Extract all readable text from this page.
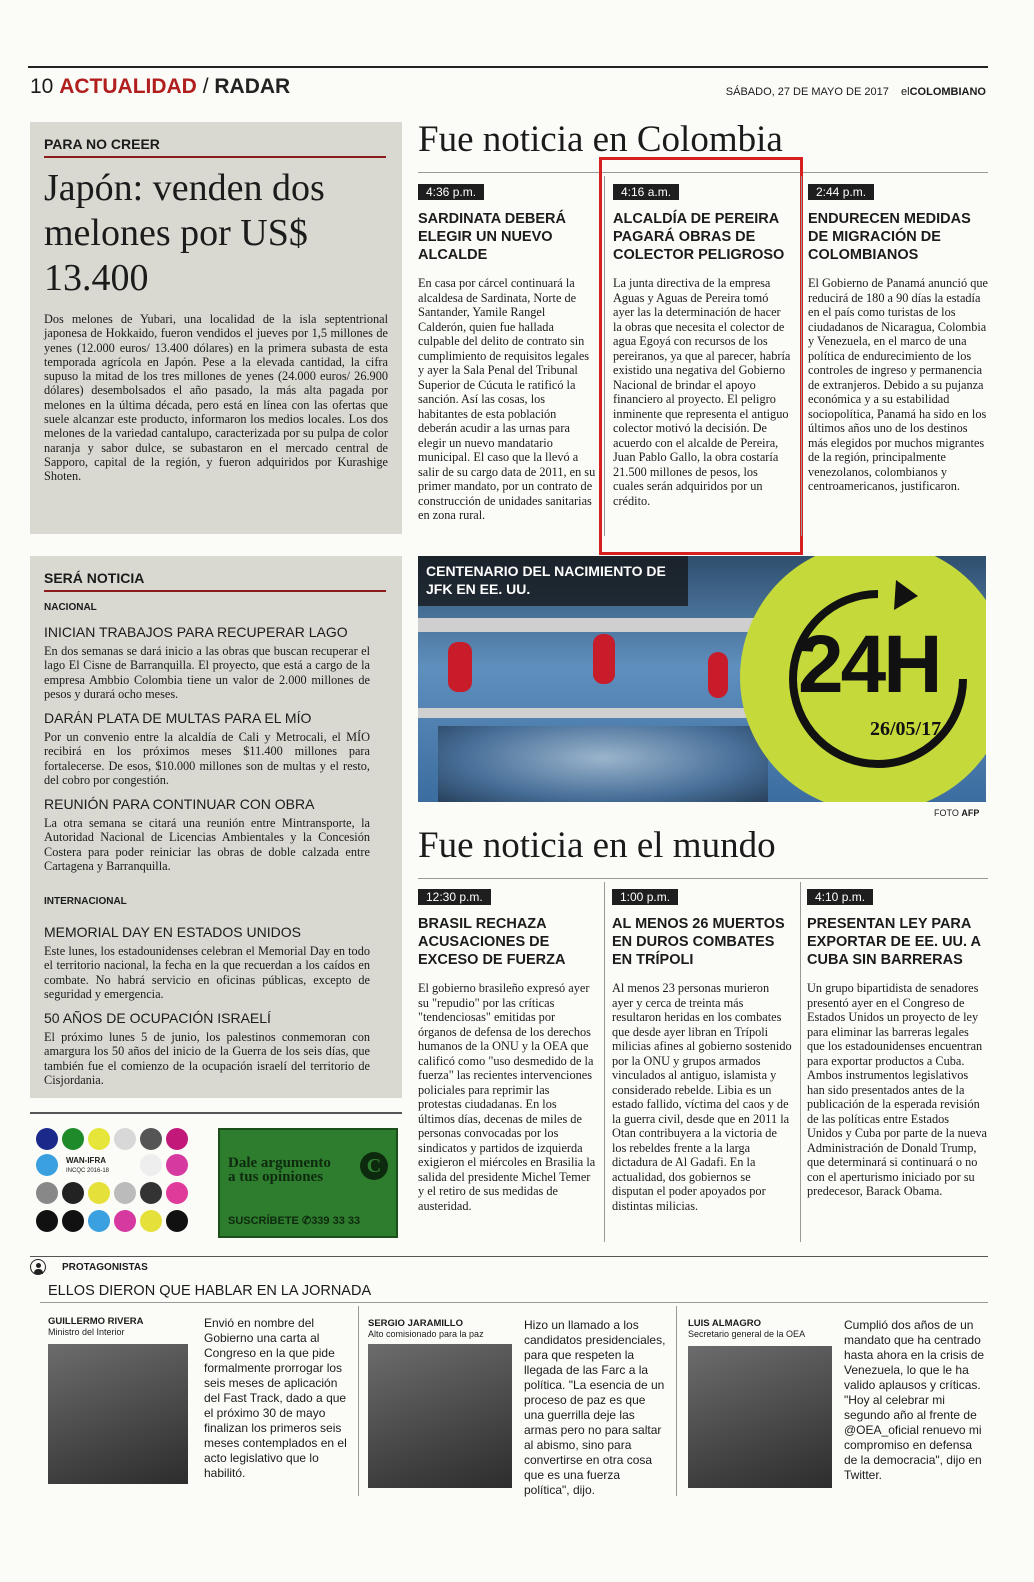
10 ACTUALIDAD / RADAR	SÁBADO, 27 DE MAYO DE 2017 elCOLOMBIANO
PARA NO CREER
Japón: venden dos melones por US$ 13.400
Dos melones de Yubari, una localidad de la isla septentrional japonesa de Hokkaido, fueron vendidos el jueves por 1,5 millones de yenes (12.000 euros/ 13.400 dólares) en la primera subasta de esta temporada agrícola en Japón. Pese a la elevada cantidad, la cifra supuso la mitad de los tres millones de yenes (24.000 euros/ 26.900 dólares) desembolsados el año pasado, la más alta pagada por melones en la última década, pero está en línea con las ofertas que suele alcanzar este producto, informaron los medios locales. Los dos melones de la variedad cantalupo, caracterizada por su pulpa de color naranja y sabor dulce, se subastaron en el mercado central de Sapporo, capital de la región, y fueron adquiridos por Kurashige Shoten.
SERÁ NOTICIA
NACIONAL
INICIAN TRABAJOS PARA RECUPERAR LAGO
En dos semanas se dará inicio a las obras que buscan recuperar el lago El Cisne de Barranquilla. El proyecto, que está a cargo de la empresa Ambbio Colombia tiene un valor de 2.000 millones de pesos y durará ocho meses.
DARÁN PLATA DE MULTAS PARA EL MÍO
Por un convenio entre la alcaldía de Cali y Metrocali, el MÍO recibirá en los próximos meses $11.400 millones para fortalecerse. De esos, $10.000 millones son de multas y el resto, del cobro por congestión.
REUNIÓN PARA CONTINUAR CON OBRA
La otra semana se citará una reunión entre Mintransporte, la Autoridad Nacional de Licencias Ambientales y la Concesión Costera para poder reiniciar las obras de doble calzada entre Cartagena y Barranquilla.
INTERNACIONAL
MEMORIAL DAY EN ESTADOS UNIDOS
Este lunes, los estadounidenses celebran el Memorial Day en todo el territorio nacional, la fecha en la que recuerdan a los caídos en combate. No habrá servicio en oficinas públicas, excepto de seguridad y emergencia.
50 AÑOS DE OCUPACIÓN ISRAELÍ
El próximo lunes 5 de junio, los palestinos conmemoran con amargura los 50 años del inicio de la Guerra de los seis días, que también fue el comienzo de la ocupación israelí del territorio de Cisjordania.
Fue noticia en Colombia
4:36 p.m.
SARDINATA DEBERÁ ELEGIR UN NUEVO ALCALDE
En casa por cárcel continuará la alcaldesa de Sardinata, Norte de Santander, Yamile Rangel Calderón, quien fue hallada culpable del delito de contrato sin cumplimiento de requisitos legales y ayer la Sala Penal del Tribunal Superior de Cúcuta le ratificó la sanción. Así las cosas, los habitantes de esta población deberán acudir a las urnas para elegir un nuevo mandatario municipal. El caso que la llevó a salir de su cargo data de 2011, en su primer mandato, por un contrato de construcción de unidades sanitarias en zona rural.
4:16 a.m.
ALCALDÍA DE PEREIRA PAGARÁ OBRAS DE COLECTOR PELIGROSO
La junta directiva de la empresa Aguas y Aguas de Pereira tomó ayer las la determinación de hacer la obras que necesita el colector de agua Egoyá con recursos de los pereiranos, ya que al parecer, habría existido una negativa del Gobierno Nacional de brindar el apoyo financiero al proyecto. El peligro inminente que representa el antiguo colector motivó la decisión. De acuerdo con el alcalde de Pereira, Juan Pablo Gallo, la obra costaría 21.500 millones de pesos, los cuales serán adquiridos por un crédito.
2:44 p.m.
ENDURECEN MEDIDAS DE MIGRACIÓN DE COLOMBIANOS
El Gobierno de Panamá anunció que reducirá de 180 a 90 días la estadía en el país como turistas de los ciudadanos de Nicaragua, Colombia y Venezuela, en el marco de una política de endurecimiento de los controles de ingreso y permanencia de extranjeros. Debido a su pujanza económica y a su estabilidad sociopolítica, Panamá ha sido en los últimos años uno de los destinos más elegidos por muchos migrantes de la región, principalmente venezolanos, colombianos y centroamericanos, justificaron.
CENTENARIO DEL NACIMIENTO DE JFK EN EE. UU.
24H
26/05/17
FOTO AFP
Fue noticia en el mundo
12:30 p.m.
BRASIL RECHAZA ACUSACIONES DE EXCESO DE FUERZA
El gobierno brasileño expresó ayer su "repudio" por las críticas "tendenciosas" emitidas por órganos de defensa de los derechos humanos de la ONU y la OEA que calificó como "uso desmedido de la fuerza" las recientes intervenciones policiales para reprimir las protestas ciudadanas. En los últimos días, decenas de miles de personas convocadas por los sindicatos y partidos de izquierda exigieron el miércoles en Brasilia la salida del presidente Michel Temer y el retiro de sus medidas de austeridad.
1:00 p.m.
AL MENOS 26 MUERTOS EN DUROS COMBATES EN TRÍPOLI
Al menos 23 personas murieron ayer y cerca de treinta más resultaron heridas en los combates que desde ayer libran en Trípoli milicias afines al gobierno sostenido por la ONU y grupos armados vinculados al antiguo, islamista y considerado rebelde. Libia es un estado fallido, víctima del caos y de la guerra civil, desde que en 2011 la Otan contribuyera a la victoria de los rebeldes frente a la larga dictadura de Al Gadafi. En la actualidad, dos gobiernos se disputan el poder apoyados por distintas milicias.
4:10 p.m.
PRESENTAN LEY PARA EXPORTAR DE EE. UU. A CUBA SIN BARRERAS
Un grupo bipartidista de senadores presentó ayer en el Congreso de Estados Unidos un proyecto de ley para eliminar las barreras legales que los estadounidenses encuentran para exportar productos a Cuba. Ambos instrumentos legislativos han sido presentados antes de la publicación de la esperada revisión de las políticas entre Estados Unidos y Cuba por parte de la nueva Administración de Donald Trump, que determinará si continuará o no con el aperturismo iniciado por su predecesor, Barack Obama.
WAN-IFRA
INCQC 2016-18	Dale argumento
a tus opiniones	C
SUSCRÍBETE ✆339 33 33
PROTAGONISTAS
ELLOS DIERON QUE HABLAR EN LA JORNADA
GUILLERMO RIVERA
Ministro del Interior
Envió en nombre del Gobierno una carta al Congreso en la que pide formalmente prorrogar los seis meses de aplicación del Fast Track, dado a que el próximo 30 de mayo finalizan los primeros seis meses contemplados en el acto legislativo que lo habilitó.
SERGIO JARAMILLO
Alto comisionado para la paz
Hizo un llamado a los candidatos presidenciales, para que respeten la llegada de las Farc a la política. "La esencia de un proceso de paz es que una guerrilla deje las armas pero no para saltar al abismo, sino para convertirse en otra cosa que es una fuerza política", dijo.
LUIS ALMAGRO
Secretario general de la OEA
Cumplió dos años de un mandato que ha centrado hasta ahora en la crisis de Venezuela, lo que le ha valido aplausos y críticas. "Hoy al celebrar mi segundo año al frente de @OEA_oficial renuevo mi compromiso en defensa de la democracia", dijo en Twitter.
